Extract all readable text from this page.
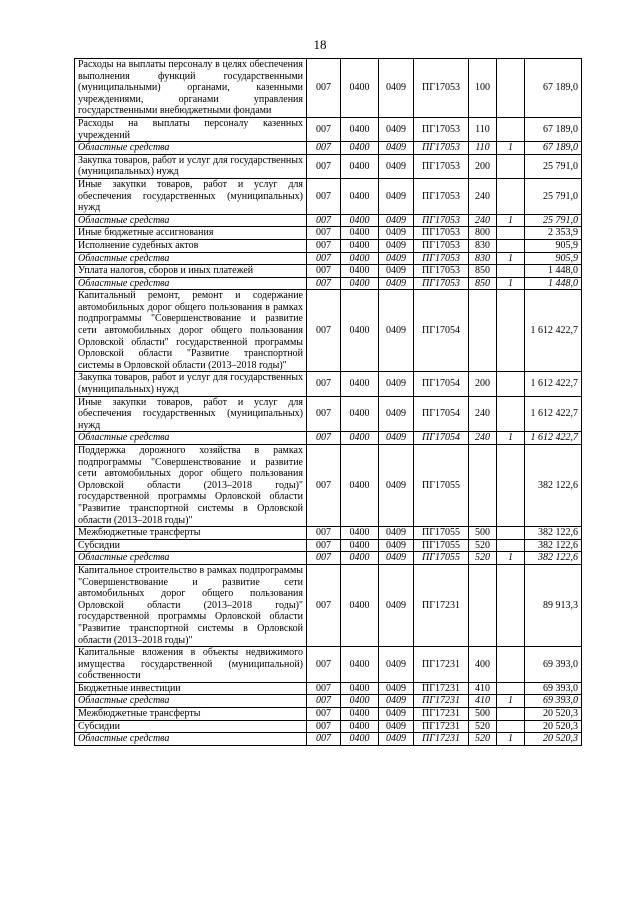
18
Расходы на выплаты персоналу в целях обеспечения выполнения функций государственными (муниципальными) органами, казенными учреждениями, органами управления государственными внебюджетными фондами	007	0400	0409	ПГ17053	100		67 189,0
Расходы на выплаты персоналу казенных учреждений	007	0400	0409	ПГ17053	110		67 189,0
Областные средства	007	0400	0409	ПГ17053	110	1	67 189,0
Закупка товаров, работ и услуг для государственных (муниципальных) нужд	007	0400	0409	ПГ17053	200		25 791,0
Иные закупки товаров, работ и услуг для обеспечения государственных (муниципальных) нужд	007	0400	0409	ПГ17053	240		25 791,0
Областные средства	007	0400	0409	ПГ17053	240	1	25 791,0
Иные бюджетные ассигнования	007	0400	0409	ПГ17053	800		2 353,9
Исполнение судебных актов	007	0400	0409	ПГ17053	830		905,9
Областные средства	007	0400	0409	ПГ17053	830	1	905,9
Уплата налогов, сборов и иных платежей	007	0400	0409	ПГ17053	850		1 448,0
Областные средства	007	0400	0409	ПГ17053	850	1	1 448,0
Капитальный ремонт, ремонт и содержание автомобильных дорог общего пользования в рамках подпрограммы "Совершенствование и развитие сети автомобильных дорог общего пользования Орловской области" государственной программы Орловской области "Развитие транспортной системы в Орловской области (2013–2018 годы)"	007	0400	0409	ПГ17054			1 612 422,7
Закупка товаров, работ и услуг для государственных (муниципальных) нужд	007	0400	0409	ПГ17054	200		1 612 422,7
Иные закупки товаров, работ и услуг для обеспечения государственных (муниципальных) нужд	007	0400	0409	ПГ17054	240		1 612 422,7
Областные средства	007	0400	0409	ПГ17054	240	1	1 612 422,7
Поддержка дорожного хозяйства в рамках подпрограммы "Совершенствование и развитие сети автомобильных дорог общего пользования Орловской области (2013–2018 годы)" государственной программы Орловской области "Развитие транспортной системы в Орловской области (2013–2018 годы)"	007	0400	0409	ПГ17055			382 122,6
Межбюджетные трансферты	007	0400	0409	ПГ17055	500		382 122,6
Субсидии	007	0400	0409	ПГ17055	520		382 122,6
Областные средства	007	0400	0409	ПГ17055	520	1	382 122,6
Капитальное строительство в рамках подпрограммы "Совершенствование и развитие сети автомобильных дорог общего пользования Орловской области (2013–2018 годы)" государственной программы Орловской области "Развитие транспортной системы в Орловской области (2013–2018 годы)"	007	0400	0409	ПГ17231			89 913,3
Капитальные вложения в объекты недвижимого имущества государственной (муниципальной) собственности	007	0400	0409	ПГ17231	400		69 393,0
Бюджетные инвестиции	007	0400	0409	ПГ17231	410		69 393,0
Областные средства	007	0400	0409	ПГ17231	410	1	69 393,0
Межбюджетные трансферты	007	0400	0409	ПГ17231	500		20 520,3
Субсидии	007	0400	0409	ПГ17231	520		20 520,3
Областные средства	007	0400	0409	ПГ17231	520	1	20 520,3
